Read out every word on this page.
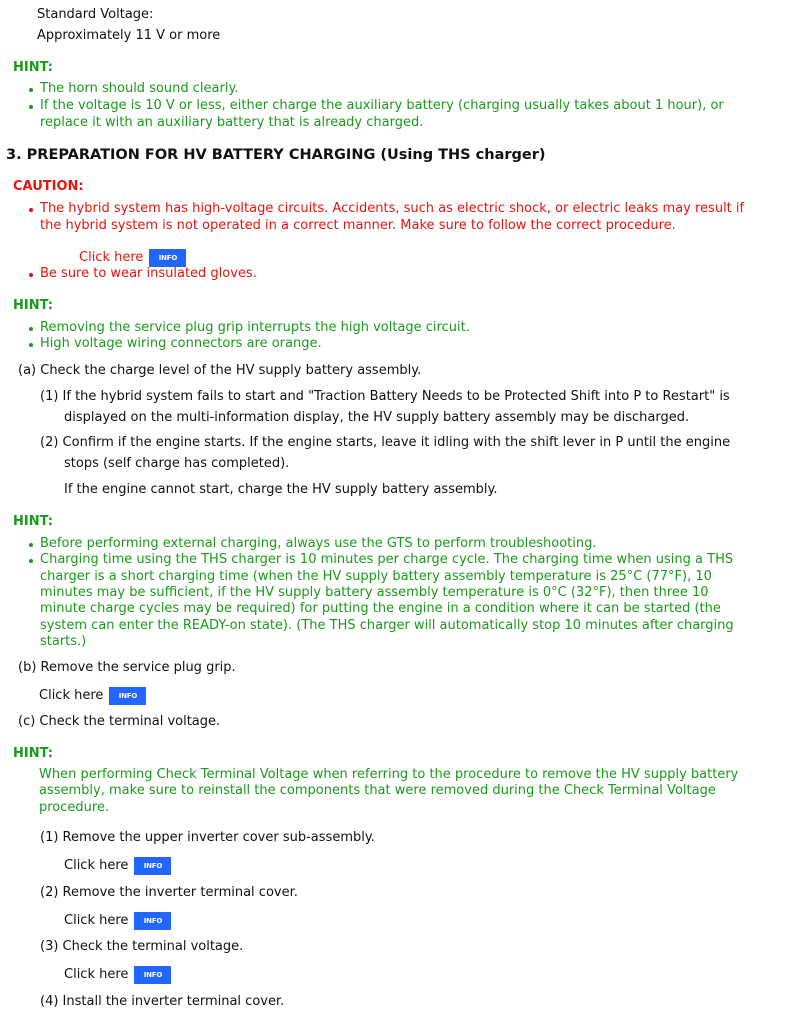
Standard Voltage:
Approximately 11 V or more
HINT:
The horn should sound clearly.
If the voltage is 10 V or less, either charge the auxiliary battery (charging usually takes about 1 hour), or
replace it with an auxiliary battery that is already charged.
3. PREPARATION FOR HV BATTERY CHARGING (Using THS charger)
CAUTION:
The hybrid system has high-voltage circuits. Accidents, such as electric shock, or electric leaks may result if
the hybrid system is not operated in a correct manner. Make sure to follow the correct procedure.
Click here INFO
Be sure to wear insulated gloves.
HINT:
Removing the service plug grip interrupts the high voltage circuit.
High voltage wiring connectors are orange.
(a) Check the charge level of the HV supply battery assembly.
(1) If the hybrid system fails to start and "Traction Battery Needs to be Protected Shift into P to Restart" is
displayed on the multi-information display, the HV supply battery assembly may be discharged.
(2) Confirm if the engine starts. If the engine starts, leave it idling with the shift lever in P until the engine
stops (self charge has completed).
If the engine cannot start, charge the HV supply battery assembly.
HINT:
Before performing external charging, always use the GTS to perform troubleshooting.
Charging time using the THS charger is 10 minutes per charge cycle. The charging time when using a THS
charger is a short charging time (when the HV supply battery assembly temperature is 25°C (77°F), 10
minutes may be sufficient, if the HV supply battery assembly temperature is 0°C (32°F), then three 10
minute charge cycles may be required) for putting the engine in a condition where it can be started (the
system can enter the READY-on state). (The THS charger will automatically stop 10 minutes after charging
starts.)
(b) Remove the service plug grip.
Click here INFO
(c) Check the terminal voltage.
HINT:
When performing Check Terminal Voltage when referring to the procedure to remove the HV supply battery
assembly, make sure to reinstall the components that were removed during the Check Terminal Voltage
procedure.
(1) Remove the upper inverter cover sub-assembly.
Click here INFO
(2) Remove the inverter terminal cover.
Click here INFO
(3) Check the terminal voltage.
Click here INFO
(4) Install the inverter terminal cover.
